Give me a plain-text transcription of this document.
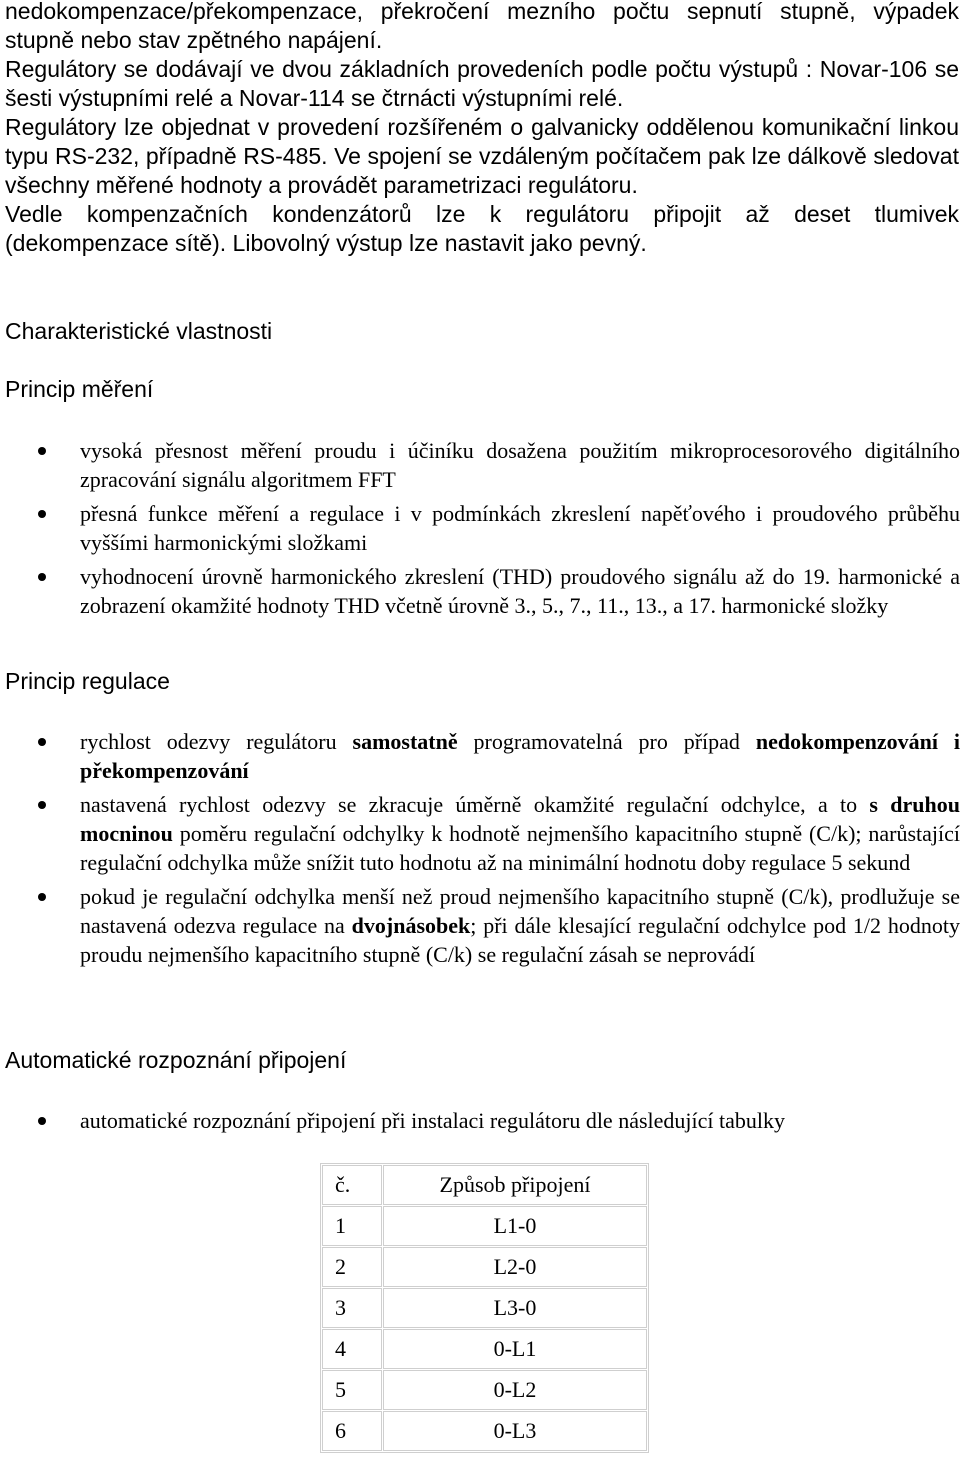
nedokompenzace/překompenzace, překročení mezního počtu sepnutí stupně, výpadek stupně nebo stav zpětného napájení.

Regulátory se dodávají ve dvou základních provedeních podle počtu výstupů : Novar-106 se šesti výstupními relé a Novar-114 se čtrnácti výstupními relé.

Regulátory lze objednat v provedení rozšířeném o galvanicky oddělenou komunikační linkou typu RS-232, případně RS-485. Ve spojení se vzdáleným počítačem pak lze dálkově sledovat všechny měřené hodnoty a provádět parametrizaci regulátoru.

Vedle kompenzačních kondenzátorů lze k regulátoru připojit až deset tlumivek (dekompenzace sítě). Libovolný výstup lze nastavit jako pevný.

Charakteristické vlastnosti
Princip měření
vysoká přesnost měření proudu i účiníku dosažena použitím mikroprocesorového digitálního zpracování signálu algoritmem FFT
přesná funkce měření a regulace i v podmínkách zkreslení napěťového i proudového průběhu vyššími harmonickými složkami
vyhodnocení úrovně harmonického zkreslení (THD) proudového signálu až do 19. harmonické a zobrazení okamžité hodnoty THD včetně úrovně 3., 5., 7., 11., 13., a 17. harmonické složky
Princip regulace
rychlost odezvy regulátoru samostatně programovatelná pro případ nedokompenzování i překompenzování
nastavená rychlost odezvy se zkracuje úměrně okamžité regulační odchylce, a to s druhou mocninou poměru regulační odchylky k hodnotě nejmenšího kapacitního stupně (C/k); narůstající regulační odchylka může snížit tuto hodnotu až na minimální hodnotu doby regulace 5 sekund
pokud je regulační odchylka menší než proud nejmenšího kapacitního stupně (C/k), prodlužuje se nastavená odezva regulace na dvojnásobek; při dále klesající regulační odchylce pod 1/2 hodnoty proudu nejmenšího kapacitního stupně (C/k) se regulační zásah se neprovádí
Automatické rozpoznání připojení
automatické rozpoznání připojení při instalaci regulátoru dle následující tabulky
č.	Způsob připojení
1	L1-0
2	L2-0
3	L3-0
4	0-L1
5	0-L2
6	0-L3
